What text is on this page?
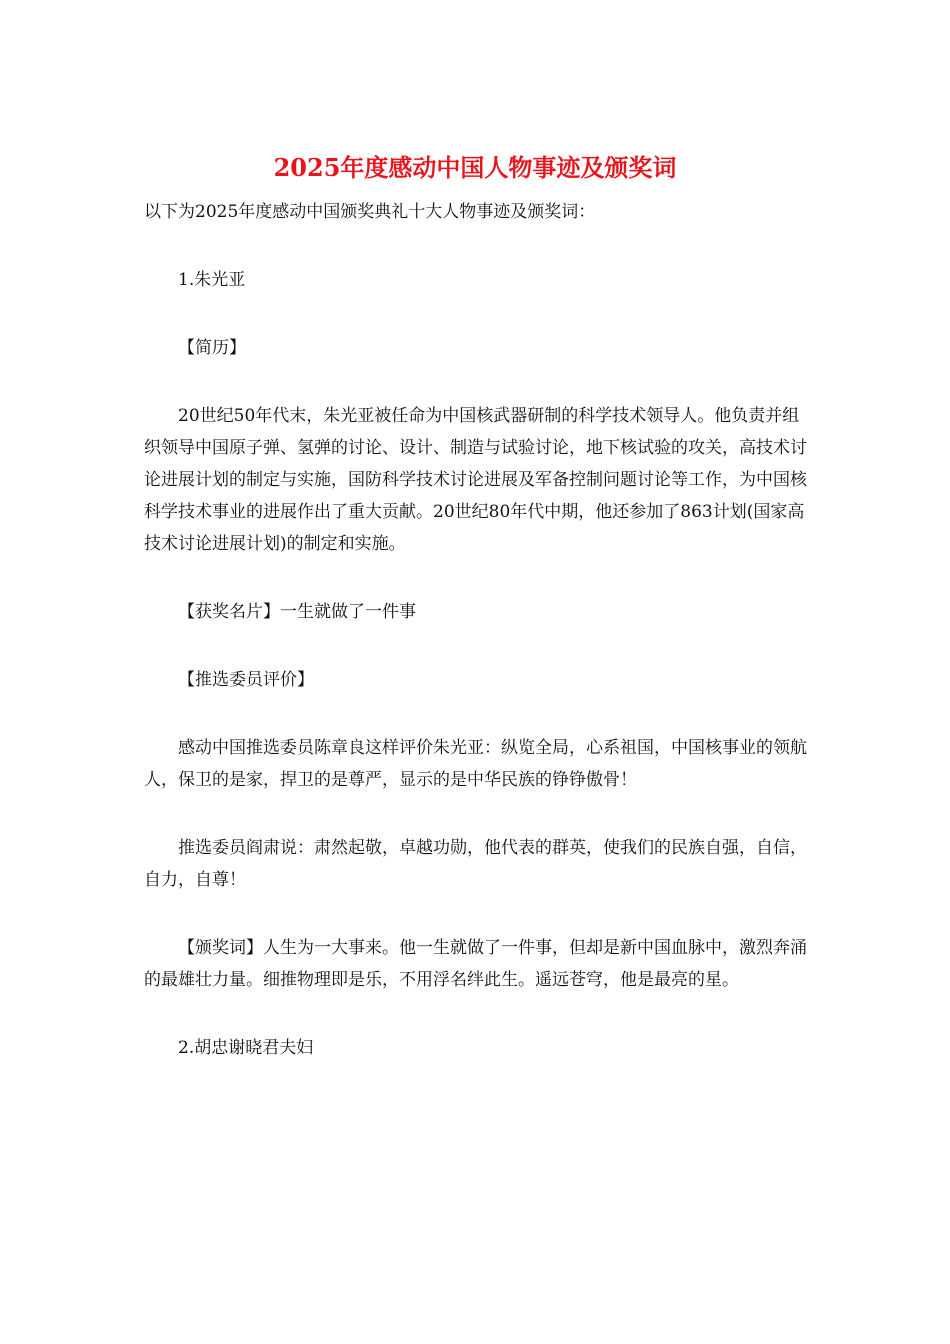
2025年度感动中国人物事迹及颁奖词

以下为2025年度感动中国颁奖典礼十大人物事迹及颁奖词：

1.朱光亚

【简历】

20世纪50年代末，朱光亚被任命为中国核武器研制的科学技术领导人。他负责并组织领导中国原子弹、氢弹的讨论、设计、制造与试验讨论，地下核试验的攻关，高技术讨论进展计划的制定与实施，国防科学技术讨论进展及军备控制问题讨论等工作，为中国核科学技术事业的进展作出了重大贡献。20世纪80年代中期，他还参加了863计划(国家高技术讨论进展计划)的制定和实施。

【获奖名片】一生就做了一件事

【推选委员评价】

感动中国推选委员陈章良这样评价朱光亚：纵览全局，心系祖国，中国核事业的领航人，保卫的是家，捍卫的是尊严，显示的是中华民族的铮铮傲骨！

推选委员阎肃说：肃然起敬，卓越功勋，他代表的群英，使我们的民族自强，自信，自力，自尊！

【颁奖词】人生为一大事来。他一生就做了一件事，但却是新中国血脉中，激烈奔涌的最雄壮力量。细推物理即是乐，不用浮名绊此生。遥远苍穹，他是最亮的星。

2.胡忠谢晓君夫妇
